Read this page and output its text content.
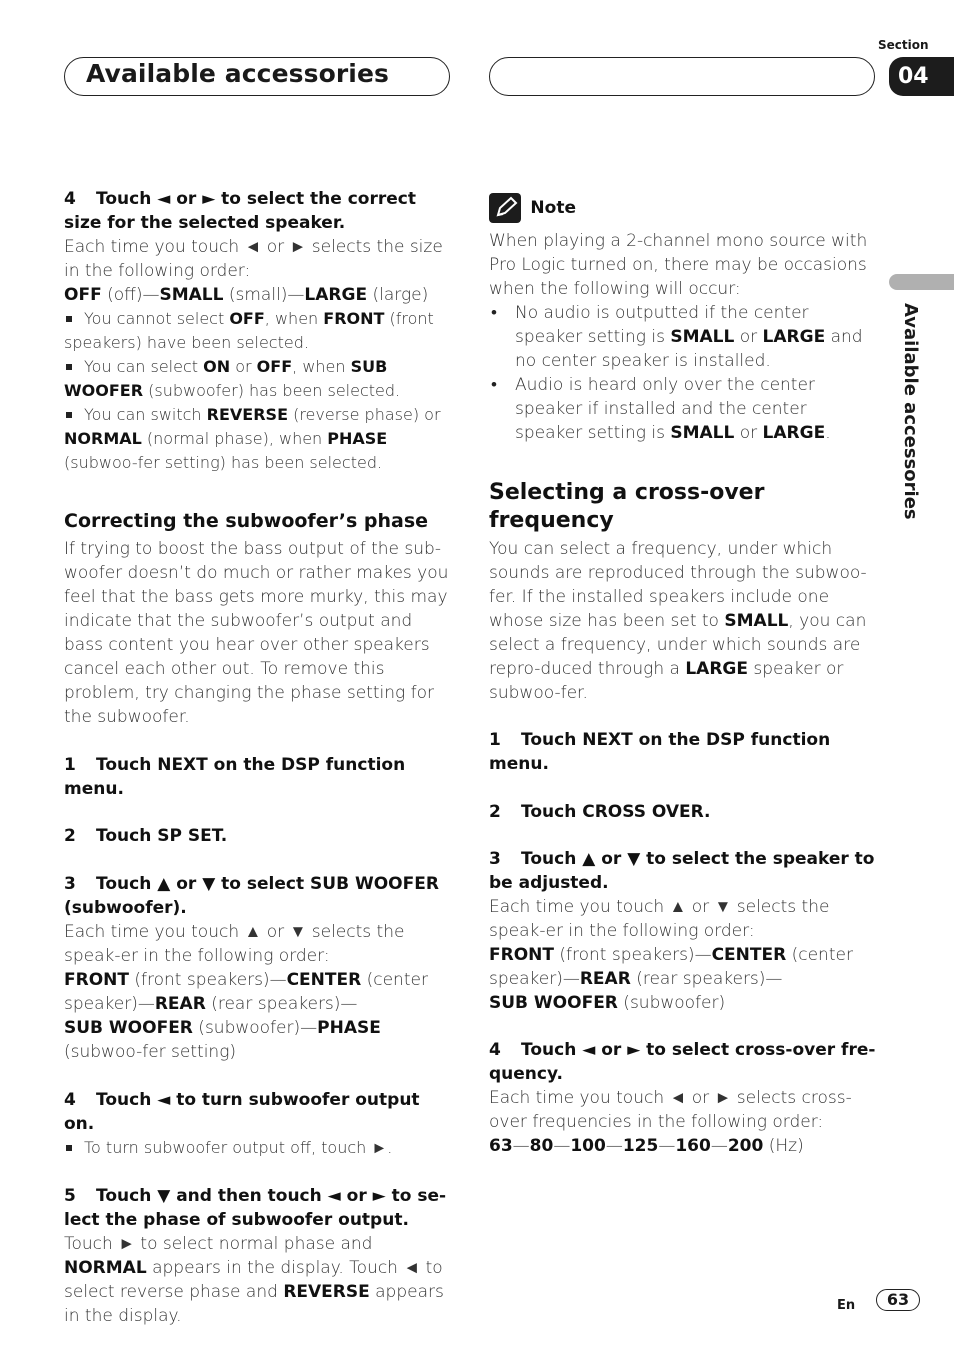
Available accessories
Section
04
Available accessories

4 Touch ◄ or ► to select the correct size for the selected speaker.

Each time you touch ◄ or ► selects the size in the following order:

OFF (off)—SMALL (small)—LARGE (large)

You cannot select OFF, when FRONT (front speakers) have been selected.

You can select ON or OFF, when SUB WOOFER (subwoofer) has been selected.

You can switch REVERSE (reverse phase) or NORMAL (normal phase), when PHASE (subwoo-fer setting) has been selected.

Correcting the subwoofer’s phase

If trying to boost the bass output of the sub-woofer doesn’t do much or rather makes you feel that the bass gets more murky, this may indicate that the subwoofer’s output and bass content you hear over other speakers cancel each other out. To remove this problem, try changing the phase setting for the subwoofer.

1 Touch NEXT on the DSP function menu.

2 Touch SP SET.

3 Touch ▲ or ▼ to select SUB WOOFER (subwoofer).

Each time you touch ▲ or ▼ selects the speak-er in the following order:

FRONT (front speakers)—CENTER (center speaker)—REAR (rear speakers)—
SUB WOOFER (subwoofer)—PHASE (subwoo-fer setting)

4 Touch ◄ to turn subwoofer output on.

To turn subwoofer output off, touch ►.

5 Touch ▼ and then touch ◄ or ► to se-lect the phase of subwoofer output.

Touch ► to select normal phase and NORMAL appears in the display. Touch ◄ to select reverse phase and REVERSE appears in the display.

Note

When playing a 2-channel mono source with Pro Logic turned on, there may be occasions when the following will occur:

• No audio is outputted if the center speaker setting is SMALL or LARGE and no center speaker is installed.

• Audio is heard only over the center speaker if installed and the center speaker setting is SMALL or LARGE.

Selecting a cross-over frequency

You can select a frequency, under which sounds are reproduced through the subwoo-fer. If the installed speakers include one whose size has been set to SMALL, you can select a frequency, under which sounds are repro-duced through a LARGE speaker or subwoo-fer.

1 Touch NEXT on the DSP function menu.

2 Touch CROSS OVER.

3 Touch ▲ or ▼ to select the speaker to be adjusted.

Each time you touch ▲ or ▼ selects the speak-er in the following order:

FRONT (front speakers)—CENTER (center speaker)—REAR (rear speakers)—
SUB WOOFER (subwoofer)

4 Touch ◄ or ► to select cross-over fre-quency.

Each time you touch ◄ or ► selects cross-over frequencies in the following order:

63—80—100—125—160—200 (Hz)

En	63
